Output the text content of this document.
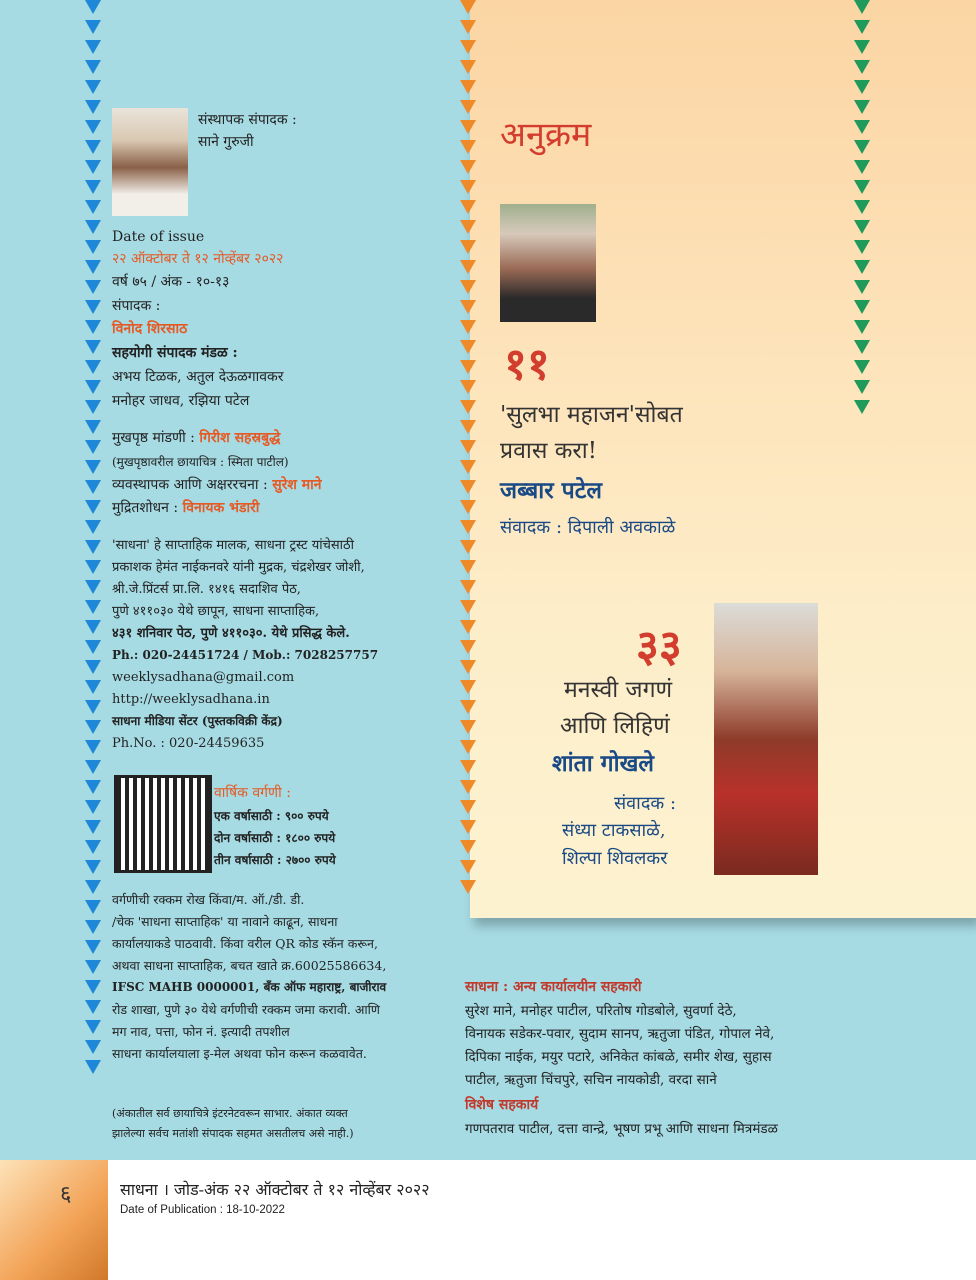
संस्थापक संपादक :
साने गुरुजी
Date of issue
२२ ऑक्टोबर ते १२ नोव्हेंबर २०२२
वर्ष ७५ / अंक - १०-१३
संपादक :
विनोद शिरसाठ
सहयोगी संपादक मंडळ :
अभय टिळक, अतुल देऊळगावकर
मनोहर जाधव, रझिया पटेल
मुखपृष्ठ मांडणी : गिरीश सहस्रबुद्धे
(मुखपृष्ठावरील छायाचित्र : स्मिता पाटील)
व्यवस्थापक आणि अक्षररचना : सुरेश माने
मुद्रितशोधन : विनायक भंडारी
'साधना' हे साप्ताहिक मालक, साधना ट्रस्ट यांचेसाठी
प्रकाशक हेमंत नाईकनवरे यांनी मुद्रक, चंद्रशेखर जोशी,
श्री.जे.प्रिंटर्स प्रा.लि. १४१६ सदाशिव पेठ,
पुणे ४११०३० येथे छापून, साधना साप्ताहिक,
४३१ शनिवार पेठ, पुणे ४११०३०. येथे प्रसिद्ध केले.
Ph.: 020-24451724 / Mob.: 7028257757
weeklysadhana@gmail.com
http://weeklysadhana.in
साधना मीडिया सेंटर (पुस्तकविक्री केंद्र)
Ph.No. : 020-24459635
वार्षिक वर्गणी :
एक वर्षासाठी : ९०० रुपये
दोन वर्षासाठी : १८०० रुपये
तीन वर्षासाठी : २७०० रुपये
वर्गणीची रक्कम रोख किंवा/म. ऑ./डी. डी.
/चेक 'साधना साप्ताहिक' या नावाने काढून, साधना
कार्यालयाकडे पाठवावी. किंवा वरील QR कोड स्कॅन करून,
अथवा साधना साप्ताहिक, बचत खाते क्र.60025586634,
IFSC MAHB 0000001, बँक ऑफ महाराष्ट्र, बाजीराव
रोड शाखा, पुणे ३० येथे वर्गणीची रक्कम जमा करावी. आणि
मग नाव, पत्ता, फोन नं. इत्यादी तपशील
साधना कार्यालयाला इ-मेल अथवा फोन करून कळवावेत.
(अंकातील सर्व छायाचित्रे इंटरनेटवरून साभार. अंकात व्यक्त
झालेल्या सर्वच मतांशी संपादक सहमत असतीलच असे नाही.)
अनुक्रम
११
'सुलभा महाजन'सोबत
प्रवास करा!
जब्बार पटेल
संवादक : दिपाली अवकाळे
३३
मनस्वी जगणं
आणि लिहिणं
शांता गोखले
संवादक :
संध्या टाकसाळे,
शिल्पा शिवलकर
साधना : अन्य कार्यालयीन सहकारी
सुरेश माने, मनोहर पाटील, परितोष गोडबोले, सुवर्णा देठे,
विनायक सडेकर-पवार, सुदाम सानप, ऋतुजा पंडित, गोपाल नेवे,
दिपिका नाईक, मयुर पटारे, अनिकेत कांबळे, समीर शेख, सुहास
पाटील, ऋतुजा चिंचपुरे, सचिन नायकोडी, वरदा साने
विशेष सहकार्य
गणपतराव पाटील, दत्ता वान्द्रे, भूषण प्रभू आणि साधना मित्रमंडळ
६	साधना । जोड-अंक २२ ऑक्टोबर ते १२ नोव्हेंबर २०२२
Date of Publication : 18-10-2022
